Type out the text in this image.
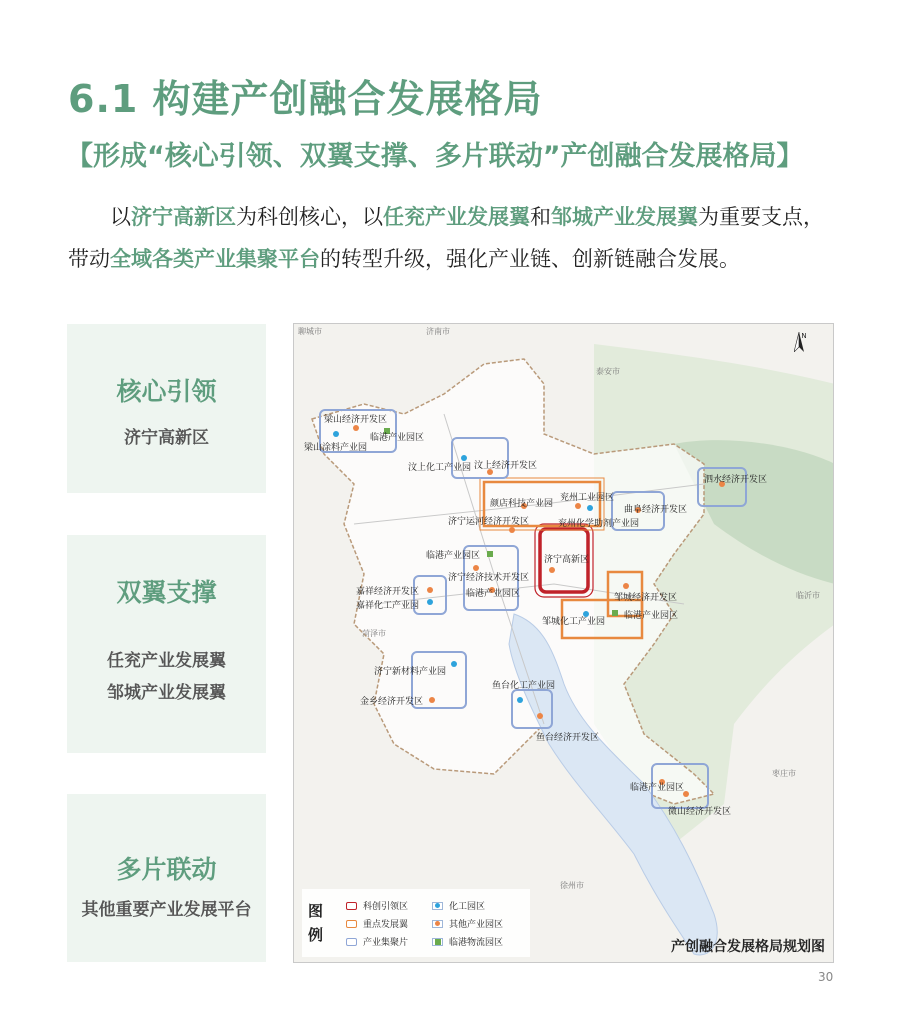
6.1 构建产创融合发展格局
【形成“核心引领、双翼支撑、多片联动”产创融合发展格局】
以济宁高新区为科创核心，以任兖产业发展翼和邹城产业发展翼为重要支点，带动全域各类产业集聚平台的转型升级，强化产业链、创新链融合发展。
核心引领
济宁高新区
双翼支撑
任兖产业发展翼
邹城产业发展翼
多片联动
其他重要产业发展平台
N
聊城市	济南市
泰安市
菏泽市
临沂市
枣庄市
徐州市
梁山经济开发区
临港产业园区
梁山涂料产业园
汶上经济开发区
汶上化工产业园
颜店科技产业园
兖州工业园区
济宁运河经济开发区	兖州化学助剂产业园
曲阜经济开发区
泗水经济开发区
临港产业园区	济宁高新区
济宁经济技术开发区
嘉祥经济开发区
嘉祥化工产业园
临港产业园区	邹城经济开发区
邹城化工产业园
临港产业园区
济宁新材料产业园
金乡经济开发区
鱼台化工产业园
鱼台经济开发区
临港产业园区
微山经济开发区
图
例
科创引领区
重点发展翼
产业集聚片
化工园区
其他产业园区
临港物流园区	产创融合发展格局规划图
30
